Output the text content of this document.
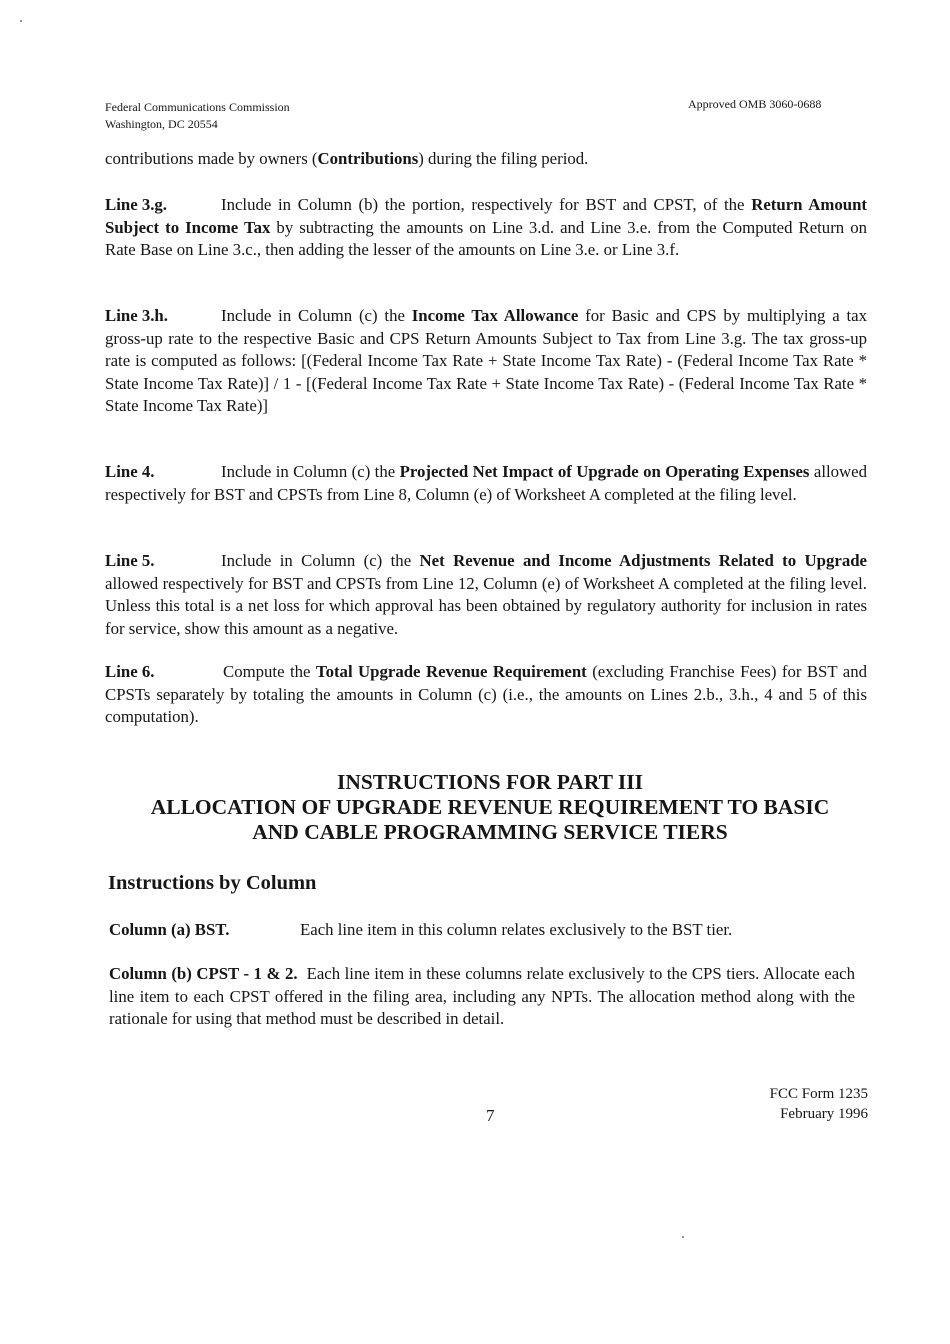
Federal Communications Commission
Washington, DC 20554
Approved OMB 3060-0688
contributions made by owners (Contributions) during the filing period.
Line 3.g.	Include in Column (b) the portion, respectively for BST and CPST, of the Return Amount Subject to Income Tax by subtracting the amounts on Line 3.d. and Line 3.e. from the Computed Return on Rate Base on Line 3.c., then adding the lesser of the amounts on Line 3.e. or Line 3.f.
Line 3.h.	Include in Column (c) the Income Tax Allowance for Basic and CPS by multiplying a tax gross-up rate to the respective Basic and CPS Return Amounts Subject to Tax from Line 3.g. The tax gross-up rate is computed as follows: [(Federal Income Tax Rate + State Income Tax Rate) - (Federal Income Tax Rate * State Income Tax Rate)] / 1 - [(Federal Income Tax Rate + State Income Tax Rate) - (Federal Income Tax Rate * State Income Tax Rate)]
Line 4.	Include in Column (c) the Projected Net Impact of Upgrade on Operating Expenses allowed respectively for BST and CPSTs from Line 8, Column (e) of Worksheet A completed at the filing level.
Line 5.	Include in Column (c) the Net Revenue and Income Adjustments Related to Upgrade allowed respectively for BST and CPSTs from Line 12, Column (e) of Worksheet A completed at the filing level. Unless this total is a net loss for which approval has been obtained by regulatory authority for inclusion in rates for service, show this amount as a negative.
Line 6.	Compute the Total Upgrade Revenue Requirement (excluding Franchise Fees) for BST and CPSTs separately by totaling the amounts in Column (c) (i.e., the amounts on Lines 2.b., 3.h., 4 and 5 of this computation).
INSTRUCTIONS FOR PART III
ALLOCATION OF UPGRADE REVENUE REQUIREMENT TO BASIC
AND CABLE PROGRAMMING SERVICE TIERS
Instructions by Column
Column (a) BST.	Each line item in this column relates exclusively to the BST tier.
Column (b) CPST - 1 & 2. Each line item in these columns relate exclusively to the CPS tiers. Allocate each line item to each CPST offered in the filing area, including any NPTs. The allocation method along with the rationale for using that method must be described in detail.
7
FCC Form 1235
February 1996
